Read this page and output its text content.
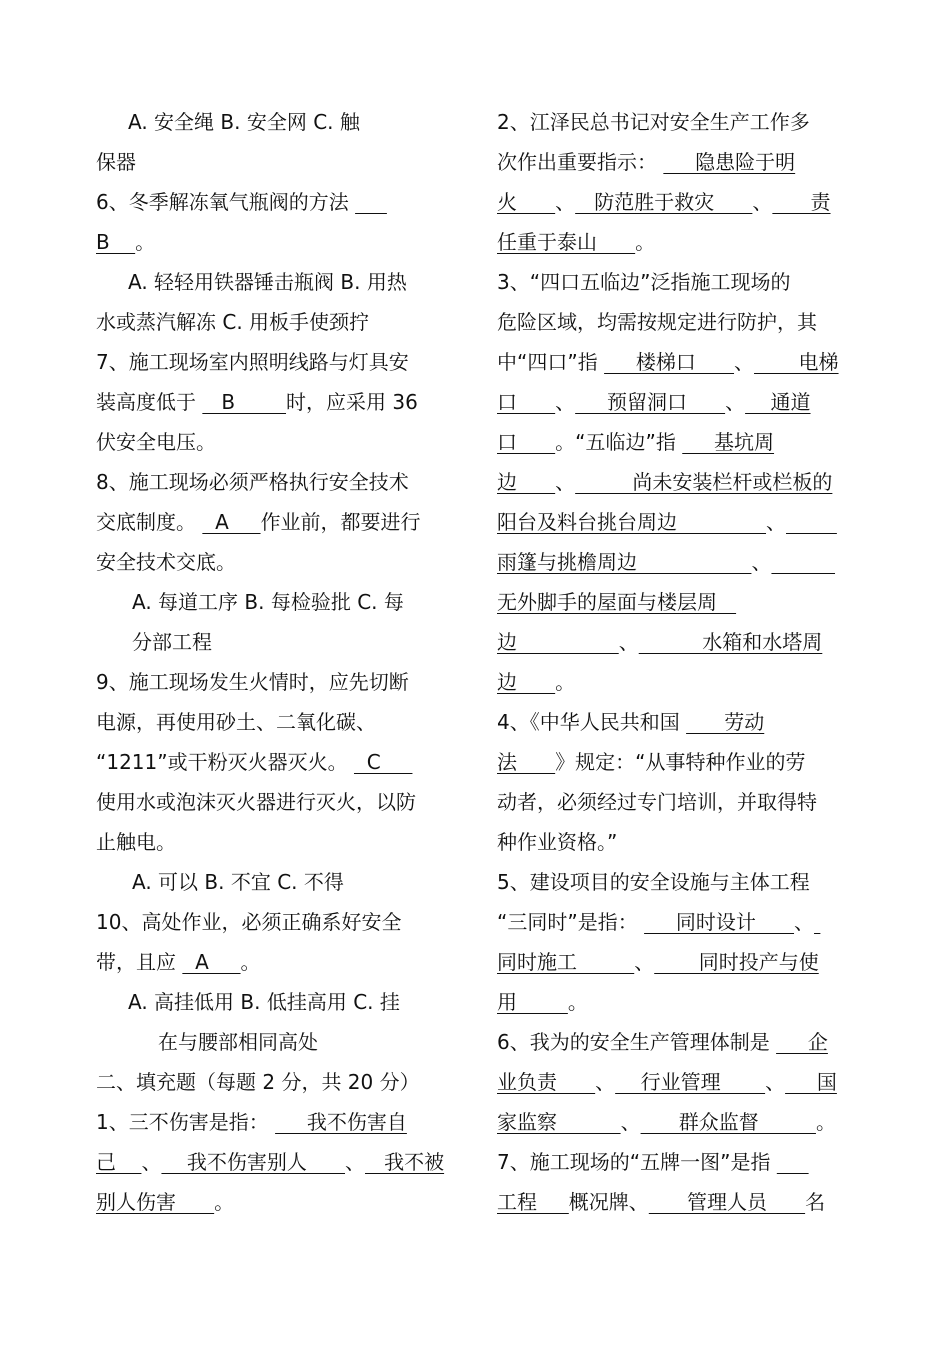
A. 安全绳 B. 安全网 C. 触
保器
6、冬季解冻氧气瓶阀的方法
B    。
A. 轻轻用铁器锤击瓶阀 B. 用热
水或蒸汽解冻 C. 用板手使颈拧
7、施工现场室内照明线路与灯具安
装高度低于    B        时，应采用 36
伏安全电压。
8、施工现场必须严格执行安全技术
交底制度。   A     作业前，都要进行
安全技术交底。
A. 每道工序 B. 每检验批 C. 每
分部工程
9、施工现场发生火情时，应先切断
电源，再使用砂土、二氧化碳、
“1211”或干粉灭火器灭火。   C
使用水或泡沫灭火器进行灭火，以防
止触电。
A. 可以 B. 不宜 C. 不得
10、高处作业，必须正确系好安全
带，且应   A     。
A. 高挂低用 B. 低挂高用 C. 挂
在与腰部相同高处
二、填充题（每题 2 分，共 20 分）
1、三不伤害是指：      我不伤害自
己    、    我不伤害别人      、   我不被
别人伤害      。
2、江泽民总书记对安全生产工作多
次作出重要指示：      隐患险于明
火      、   防范胜于救灾      、      责
任重于泰山      。
3、“四口五临边”泛指施工现场的
危险区域，均需按规定进行防护，其
中“四口”指      楼梯口      、       电梯
口      、     预留洞口      、    通道
口      。“五临边”指      基坑周
边      、         尚未安装栏杆或栏板的
阳台及料台挑台周边              、
雨篷与挑檐周边                  、
无外脚手的屋面与楼层周
边                、          水箱和水塔周
边      。
4、《中华人民共和国       劳动
法      》规定：“从事特种作业的劳
动者，必须经过专门培训，并取得特
种作业资格。”
5、建设项目的安全设施与主体工程
“三同时”是指：      同时设计      、
同时施工         、       同时投产与使
用        。
6、我为的安全生产管理体制是      企
业负责      、    行业管理       、     国
家监察          、      群众监督         。
7、施工现场的“五牌一图”是指
工程     概况牌、      管理人员      名
